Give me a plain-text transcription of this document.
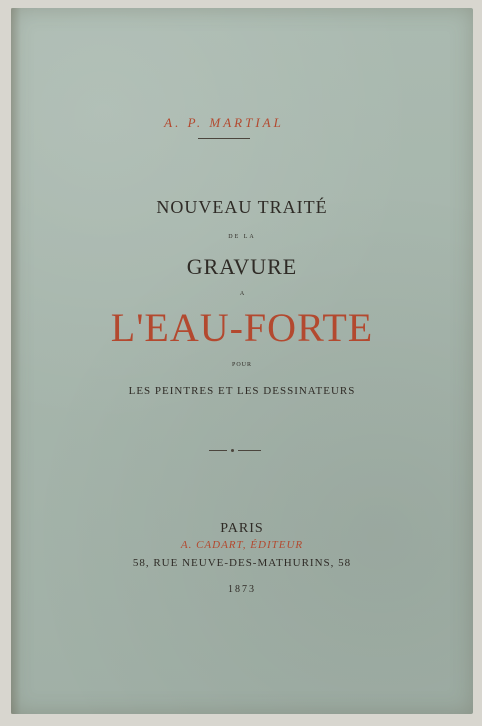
A. P. MARTIAL
NOUVEAU TRAITÉ
DE LA
GRAVURE
A
L'EAU-FORTE
POUR
LES PEINTRES ET LES DESSINATEURS
PARIS
A. CADART, ÉDITEUR
58, RUE NEUVE-DES-MATHURINS, 58
1873
